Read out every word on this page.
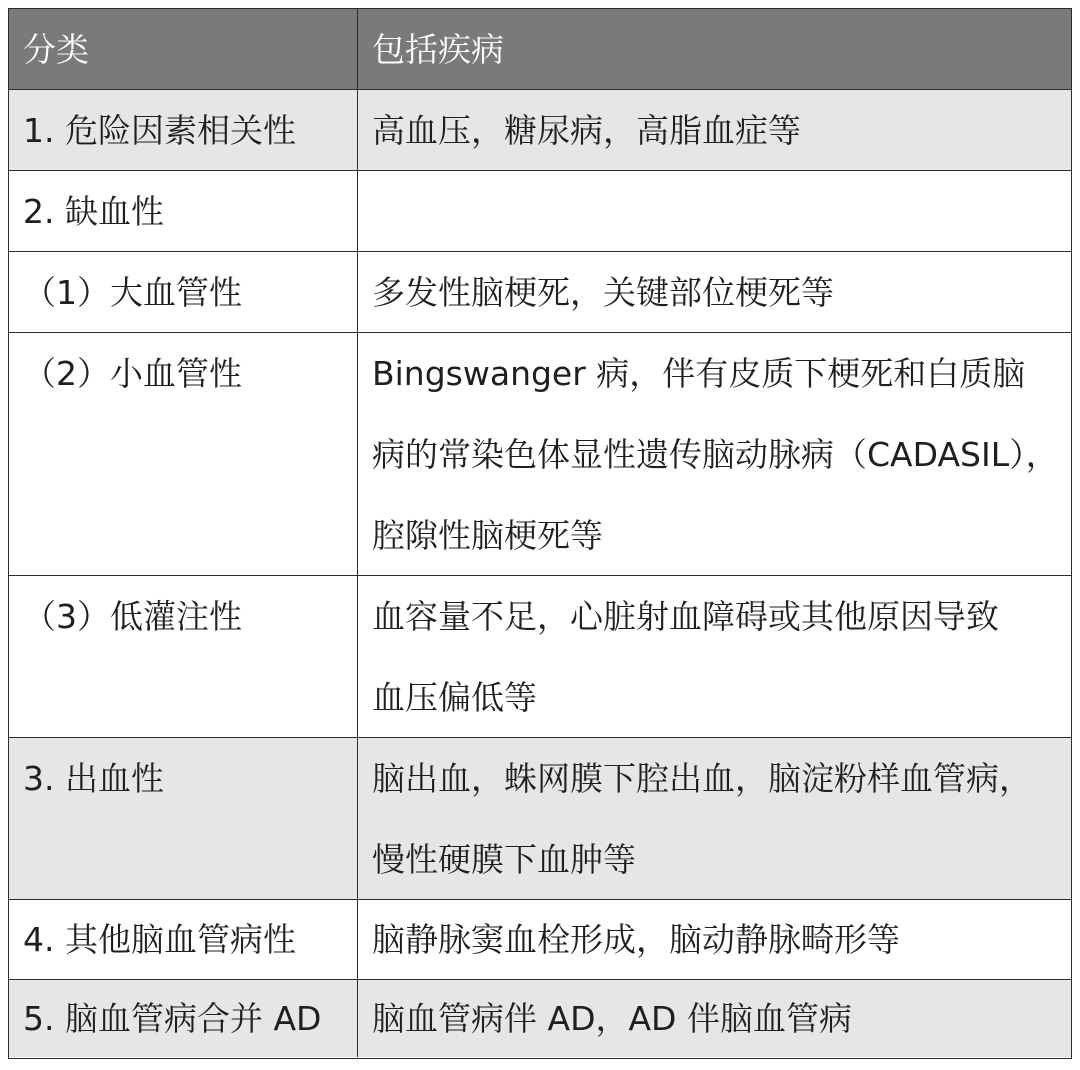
分类	包括疾病
1. 危险因素相关性	高血压，糖尿病，高脂血症等
2. 缺血性
（1）大血管性	多发性脑梗死，关键部位梗死等
（2）小血管性	Bingswanger 病，伴有皮质下梗死和白质脑
病的常染色体显性遗传脑动脉病（CADASIL），
腔隙性脑梗死等
（3）低灌注性	血容量不足，心脏射血障碍或其他原因导致
血压偏低等
3. 出血性	脑出血，蛛网膜下腔出血，脑淀粉样血管病，
慢性硬膜下血肿等
4. 其他脑血管病性	脑静脉窦血栓形成，脑动静脉畸形等
5. 脑血管病合并 AD	脑血管病伴 AD，AD 伴脑血管病
